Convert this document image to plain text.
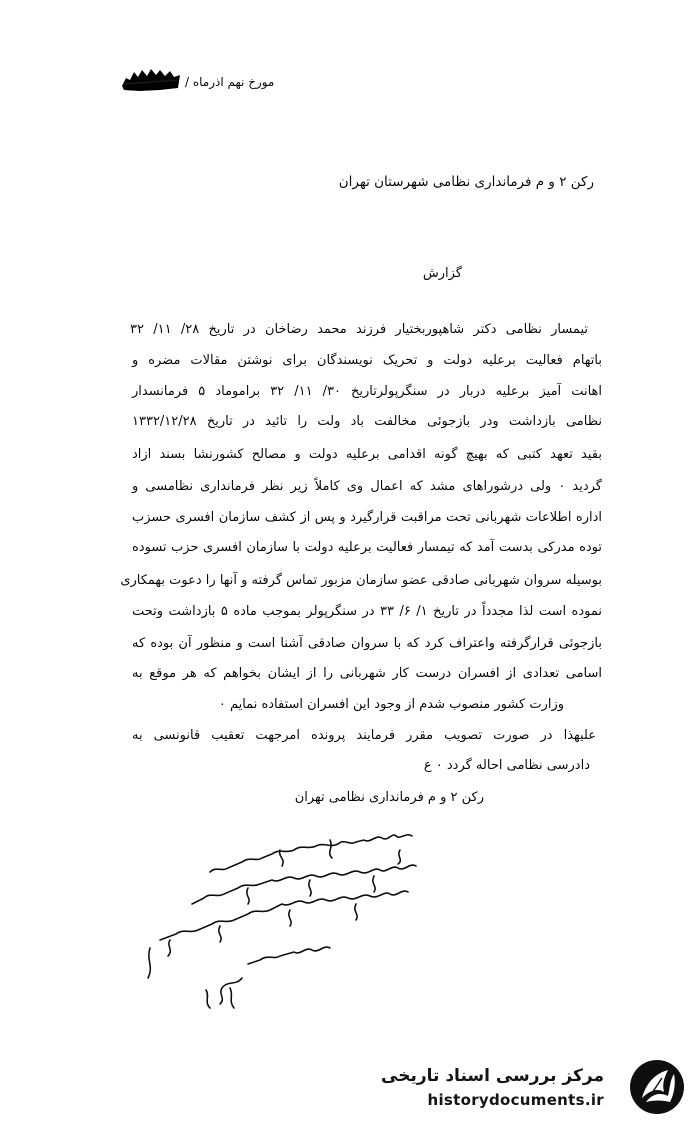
مورخ نهم اذرماه /
رکن ۲ و م فرماندارى نظامى شهرستان تهران
گزارش
تیمسار نظامی دکتر شاهپوربختیار فرزند محمد رضاخان در تاریخ ۲۸/ ۱۱/ ۳۲
باتهام فعالیت برعلیه دولت و تحریک نویسندگان برای نوشتن مقالات مضره و
اهانت آمیز برعلیه دربار در سنگرپولرتاریخ ۳۰/ ۱۱/ ۳۲ براموماد ۵ فرمانسدار
نظامی بازداشت ودر بازجوئی مخالفت باد ولت را تائید در تاریخ ۱۳۳۲/۱۲/۲۸
بقید تعهد کتبی که بهیچ گونه اقدامی برعلیه دولت و مصالح کشورنشا بسند ازاد
گردید ۰ ولی درشوراهای مشد که اعمال وی کاملاً زیر نظر فرمانداری نظامسی و
اداره اطلاعات شهربانی تحت مراقبت قرارگیرد و پس از کشف سازمان افسری حسزب
توده مدرکی بدست آمد که تیمسار فعالیت برعلیه دولت با سازمان افسری حزب تسوده
بوسیله سروان شهربانی صادقی عضو سازمان مزبور تماس گرفته و آنها را دعوت بهمکاری
نموده است لذا مجدداً در تاریخ ۱/ ۶/ ۳۳ در سنگرپولر بموجب ماده ۵ بازداشت وتحت
بازجوئی قرارگرفته واعتراف کرد که با سروان صادقی آشنا است و منظور آن بوده که
اسامی تعدادی از افسران درست کار شهربانی را از ایشان بخواهم که هر موقع به
وزارت کشور منصوب شدم از وجود این افسران استفاده نمایم ۰
علیهذا در صورت تصویب مقرر فرمایند پرونده امرجهت تعقیب قانونسی به
دادرسی نظامی احاله گردد ۰ ع
رکن ۲ و م فرماندارى نظامى تهران
مرکز بررسی اسناد تاریخی
historydocuments.ir
